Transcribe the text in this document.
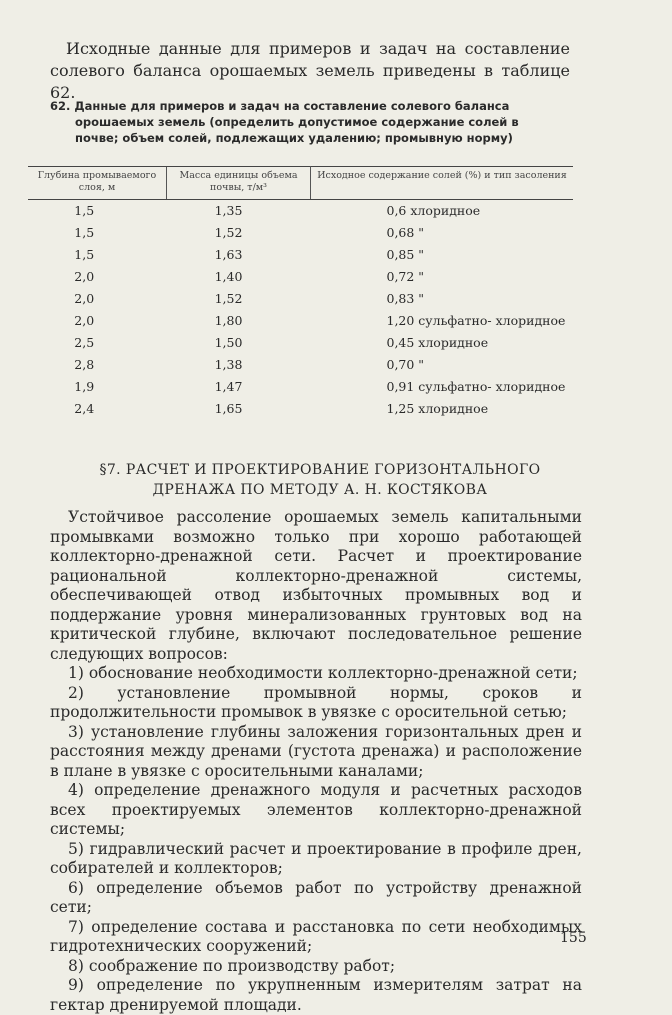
Исходные данные для примеров и задач на составление солевого баланса орошаемых земель приведены в таблице 62.

62. Данные для примеров и задач на составление солевого баланса
орошаемых земель (определить допустимое содержание солей в
почве; объем солей, подлежащих удалению; промывную норму)
Глубина промываемого слоя, м	Масса единицы объема почвы, т/м³	Исходное содержание солей (%) и тип засоления
1,5	1,35	0,6 хлоридное
1,5	1,52	0,68 "
1,5	1,63	0,85 "
2,0	1,40	0,72 "
2,0	1,52	0,83 "
2,0	1,80	1,20 сульфатно- хлоридное
2,5	1,50	0,45 хлоридное
2,8	1,38	0,70 "
1,9	1,47	0,91 сульфатно- хлоридное
2,4	1,65	1,25 хлоридное
§7. РАСЧЕТ И ПРОЕКТИРОВАНИЕ ГОРИЗОНТАЛЬНОГО
ДРЕНАЖА ПО МЕТОДУ А. Н. КОСТЯКОВА

Устойчивое рассоление орошаемых земель капитальными промывками возможно только при хорошо работающей коллекторно-дренажной сети. Расчет и проектирование рациональной коллекторно-дренажной системы, обеспечивающей отвод избыточных промывных вод и поддержание уровня минерализованных грунтовых вод на критической глубине, включают последовательное решение следующих вопросов:

1) обоснование необходимости коллекторно-дренажной сети;
2) установление промывной нормы, сроков и продолжительности промывок в увязке с оросительной сетью;
3) установление глубины заложения горизонтальных дрен и расстояния между дренами (густота дренажа) и расположение в плане в увязке с оросительными каналами;
4) определение дренажного модуля и расчетных расходов всех проектируемых элементов коллекторно-дренажной системы;
5) гидравлический расчет и проектирование в профиле дрен, собирателей и коллекторов;
6) определение объемов работ по устройству дренажной сети;
7) определение состава и расстановка по сети необходимых гидротехнических сооружений;
8) соображение по производству работ;
9) определение по укрупненным измерителям затрат на гектар дренируемой площади.
155
